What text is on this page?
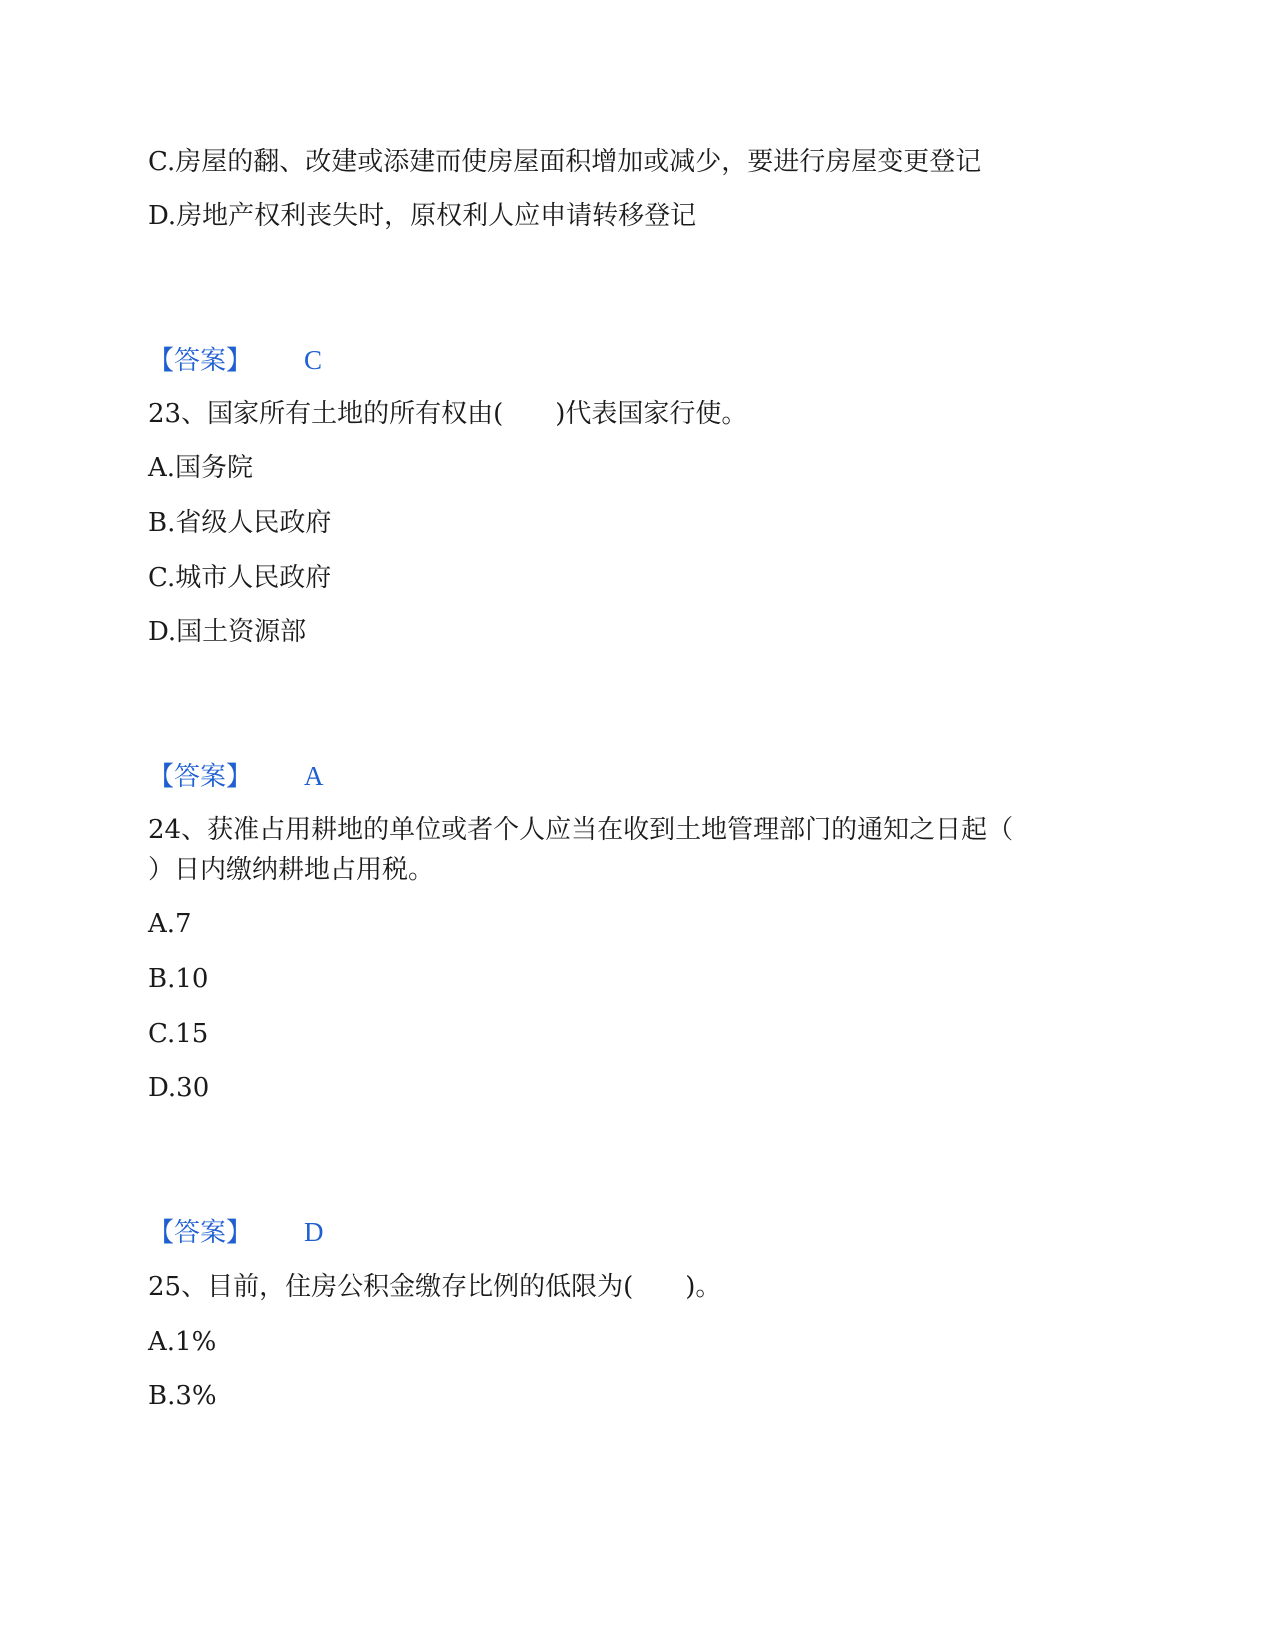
C.房屋的翻、改建或添建而使房屋面积增加或减少，要进行房屋变更登记
D.房地产权利丧失时，原权利人应申请转移登记
【答案】 C
23、国家所有土地的所有权由(　　)代表国家行使。
A.国务院
B.省级人民政府
C.城市人民政府
D.国土资源部
【答案】 A
24、获准占用耕地的单位或者个人应当在收到土地管理部门的通知之日起（
）日内缴纳耕地占用税。
A.7
B.10
C.15
D.30
【答案】 D
25、目前，住房公积金缴存比例的低限为(　　)。
A.1%
B.3%
